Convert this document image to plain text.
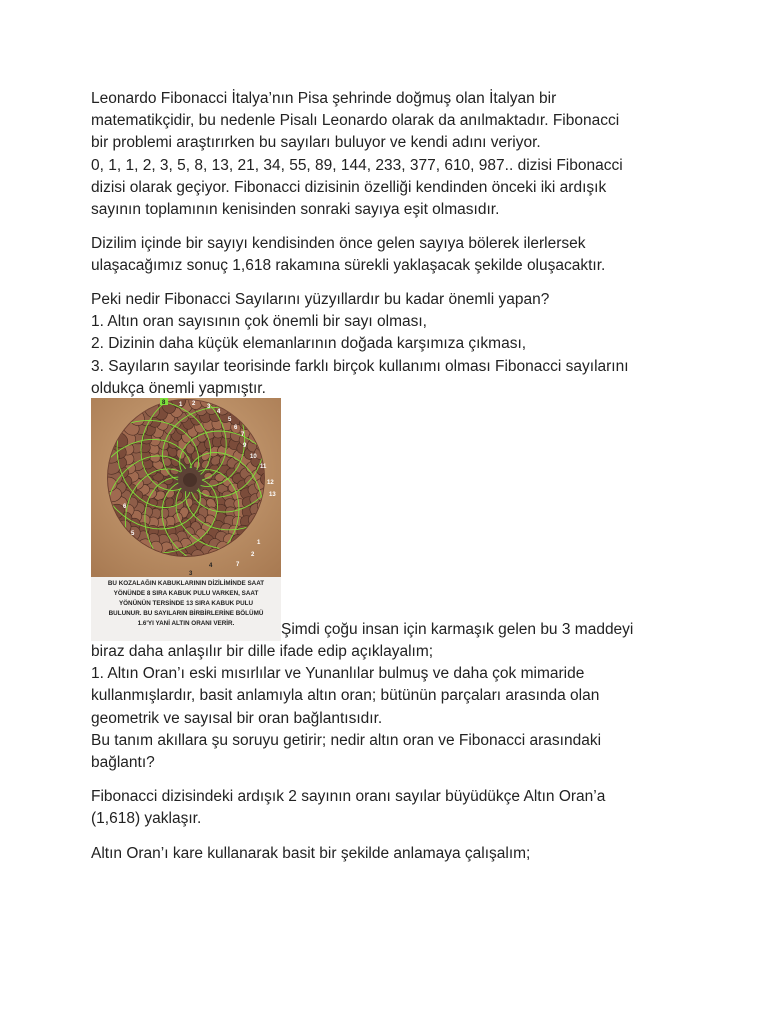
Leonardo Fibonacci İtalya’nın Pisa şehrinde doğmuş olan İtalyan bir
matematikçidir, bu nedenle Pisalı Leonardo olarak da anılmaktadır. Fibonacci
bir problemi araştırırken bu sayıları buluyor ve kendi adını veriyor.
0, 1, 1, 2, 3, 5, 8, 13, 21, 34, 55, 89, 144, 233, 377, 610, 987.. dizisi Fibonacci
dizisi olarak geçiyor. Fibonacci dizisinin özelliği kendinden önceki iki ardışık
sayının toplamının kenisinden sonraki sayıya eşit olmasıdır.
Dizilim içinde bir sayıyı kendisinden önce gelen sayıya bölerek ilerlersek
ulaşacağımız sonuç 1,618 rakamına sürekli yaklaşacak şekilde oluşacaktır.
Peki nedir Fibonacci Sayılarını yüzyıllardır bu kadar önemli yapan?
1. Altın oran sayısının çok önemli bir sayı olması,
2. Dizinin daha küçük elemanlarının doğada karşımıza çıkması,
3. Sayıların sayılar teorisinde farklı birçok kullanımı olması Fibonacci sayılarını
oldukça önemli yapmıştır.
8 1 2 3
4
5
6
7
9
10
11
12
13
1
2
3
4
5
6
7
BU KOZALAĞIN KABUKLARININ DİZİLİMİNDE SAAT
YÖNÜNDE 8 SIRA KABUK PULU VARKEN, SAAT
YÖNÜNÜN TERSİNDE 13 SIRA KABUK PULU
BULUNUR. BU SAYILARIN BİRBİRLERİNE BÖLÜMÜ
1.6'YI YANİ ALTIN ORANI VERİR.	Şimdi çoğu insan için karmaşık gelen bu 3 maddeyi
biraz daha anlaşılır bir dille ifade edip açıklayalım;
1. Altın Oran’ı eski mısırlılar ve Yunanlılar bulmuş ve daha çok mimaride
kullanmışlardır, basit anlamıyla altın oran; bütünün parçaları arasında olan
geometrik ve sayısal bir oran bağlantısıdır.
Bu tanım akıllara şu soruyu getirir; nedir altın oran ve Fibonacci arasındaki
bağlantı?
Fibonacci dizisindeki ardışık 2 sayının oranı sayılar büyüdükçe Altın Oran’a
(1,618) yaklaşır.
Altın Oran’ı kare kullanarak basit bir şekilde anlamaya çalışalım;
